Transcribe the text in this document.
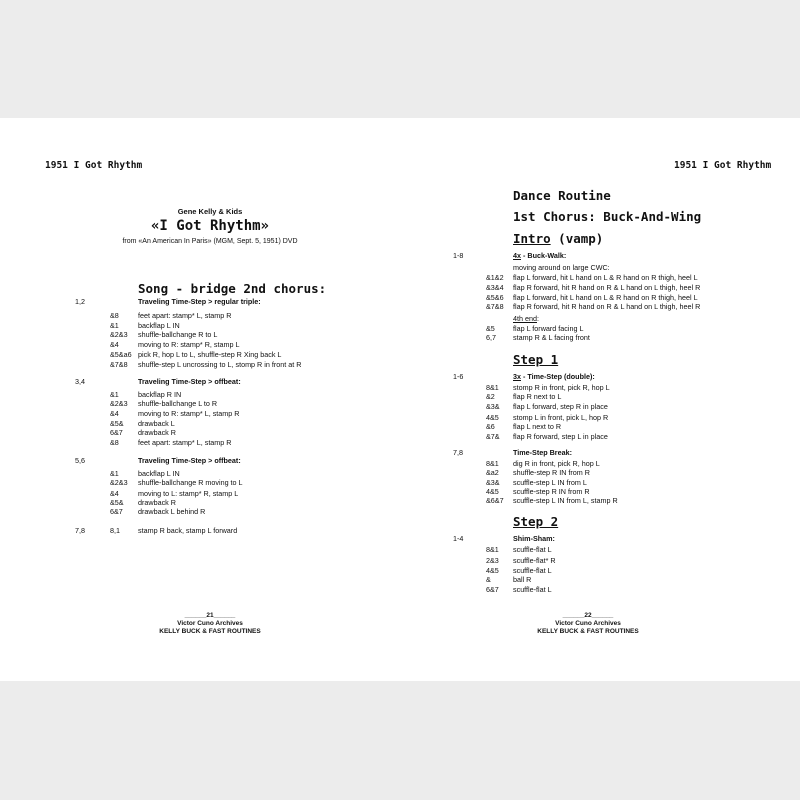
1951 I Got Rhythm
Gene Kelly & Kids
«I Got Rhythm»
from «An American In Paris» (MGM, Sept. 5, 1951) DVD
Song - bridge 2nd chorus:
1,2	Traveling Time-Step > regular triple:
&8	feet apart: stamp* L, stamp R
&1	backflap L IN
&2&3 shuffle-ballchange R to L
&4	moving to R: stamp* R, stamp L
&5&a6 pick R, hop L to L, shuffle-step R Xing back L
&7&8 shuffle-step L uncrossing to L, stomp R in front at R
3,4	Traveling Time-Step > offbeat:
&1	backflap R IN
&2&3 shuffle-ballchange L to R
&4	moving to R: stamp* L, stamp R
&5& drawback L
6&7 drawback R
&8	feet apart: stamp* L, stamp R
5,6	Traveling Time-Step > offbeat:
&1	backflap L IN
&2&3 shuffle-ballchange R moving to L
&4	moving to L: stamp* R, stamp L
&5& drawback R
6&7 drawback L behind R
7,8	8,1	stamp R back, stamp L forward
______21______
Victor Cuno Archives
KELLY BUCK & FAST ROUTINES
1951 I Got Rhythm
Dance Routine
1st Chorus: Buck-And-Wing
Intro (vamp)
Step 1
Step 2
1-8	4x - Buck-Walk:
moving around on large CWC:
&1&2 flap L forward, hit L hand on L & R hand on R thigh, heel L
&3&4 flap R forward, hit R hand on R & L hand on L thigh, heel R
&5&6 flap L forward, hit L hand on L & R hand on R thigh, heel L
&7&8 flap R forward, hit R hand on R & L hand on L thigh, heel R
4th end:
&5	flap L forward facing L
6,7 stamp R & L facing front
1-6	3x - Time-Step (double):
8&1 stomp R in front, pick R, hop L
&2	flap R next to L
&3& flap L forward, step R in place
4&5 stomp L in front, pick L, hop R
&6	flap L next to R
&7& flap R forward, step L in place
7,8	Time-Step Break:
8&1 dig R in front, pick R, hop L
&a2 shuffle-step R IN from R
&3& scuffle-step L IN from L
4&5 scuffle-step R IN from R
&6&7 scuffle-step L IN from L, stamp R
1-4	Shim-Sham:
8&1 scuffle-flat L
2&3 scuffle-flat* R
4&5 scuffle-flat L
&	ball R
6&7 scuffle-flat L
______22______
Victor Cuno Archives
KELLY BUCK & FAST ROUTINES
